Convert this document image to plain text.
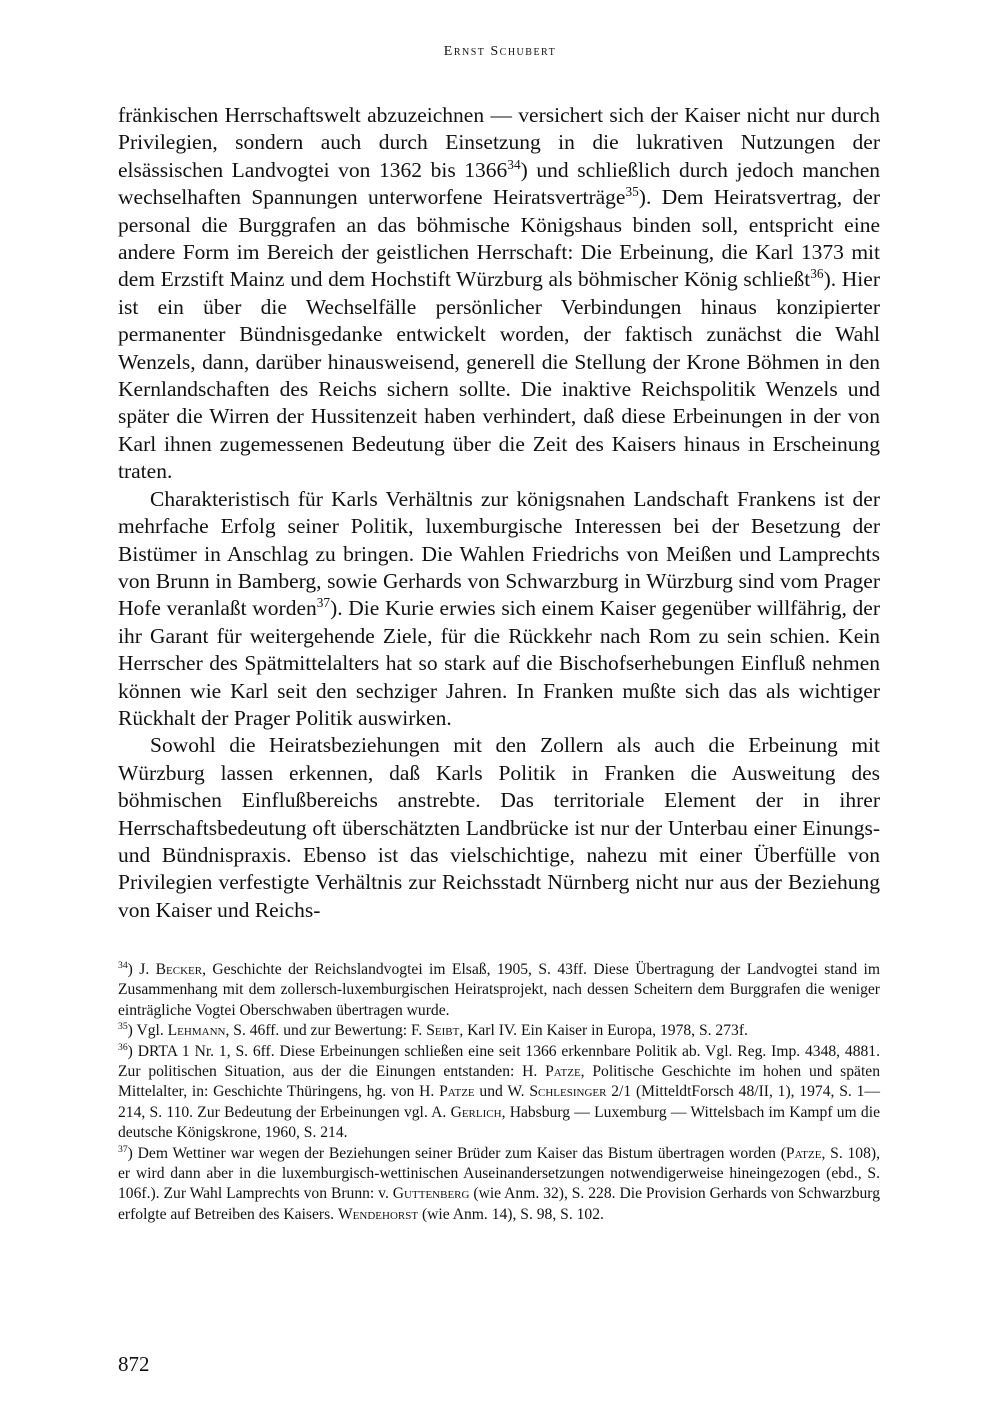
Ernst Schubert

fränkischen Herrschaftswelt abzuzeichnen — versichert sich der Kaiser nicht nur durch Privilegien, sondern auch durch Einsetzung in die lukrativen Nutzungen der elsässischen Landvogtei von 1362 bis 1366$^{34}$) und schließlich durch jedoch manchen wechselhaften Spannungen unterworfene Heiratsverträge$^{35}$). Dem Heiratsvertrag, der personal die Burggrafen an das böhmische Königshaus binden soll, entspricht eine andere Form im Bereich der geistlichen Herrschaft: Die Erbeinung, die Karl 1373 mit dem Erzstift Mainz und dem Hochstift Würzburg als böhmischer König schließt$^{36}$). Hier ist ein über die Wechselfälle persönlicher Verbindungen hinaus konzipierter permanenter Bündnisgedanke entwickelt worden, der faktisch zunächst die Wahl Wenzels, dann, darüber hinausweisend, generell die Stellung der Krone Böhmen in den Kernlandschaften des Reichs sichern sollte. Die inaktive Reichspolitik Wenzels und später die Wirren der Hussitenzeit haben verhindert, daß diese Erbeinungen in der von Karl ihnen zugemessenen Bedeutung über die Zeit des Kaisers hinaus in Erscheinung traten.

Charakteristisch für Karls Verhältnis zur königsnahen Landschaft Frankens ist der mehrfache Erfolg seiner Politik, luxemburgische Interessen bei der Besetzung der Bistümer in Anschlag zu bringen. Die Wahlen Friedrichs von Meißen und Lamprechts von Brunn in Bamberg, sowie Gerhards von Schwarzburg in Würzburg sind vom Prager Hofe veranlaßt worden$^{37}$). Die Kurie erwies sich einem Kaiser gegenüber willfährig, der ihr Garant für weitergehende Ziele, für die Rückkehr nach Rom zu sein schien. Kein Herrscher des Spätmittelalters hat so stark auf die Bischofserhebungen Einfluß nehmen können wie Karl seit den sechziger Jahren. In Franken mußte sich das als wichtiger Rückhalt der Prager Politik auswirken.

Sowohl die Heiratsbeziehungen mit den Zollern als auch die Erbeinung mit Würzburg lassen erkennen, daß Karls Politik in Franken die Ausweitung des böhmischen Einflußbereichs anstrebte. Das territoriale Element der in ihrer Herrschaftsbedeutung oft überschätzten Landbrücke ist nur der Unterbau einer Einungs- und Bündnispraxis. Ebenso ist das vielschichtige, nahezu mit einer Überfülle von Privilegien verfestigte Verhältnis zur Reichsstadt Nürnberg nicht nur aus der Beziehung von Kaiser und Reichs-

$^{34}$) J. Becker, Geschichte der Reichslandvogtei im Elsaß, 1905, S. 43ff. Diese Übertragung der Landvogtei stand im Zusammenhang mit dem zollersch-luxemburgischen Heiratsprojekt, nach dessen Scheitern dem Burggrafen die weniger einträgliche Vogtei Oberschwaben übertragen wurde.

$^{35}$) Vgl. Lehmann, S. 46ff. und zur Bewertung: F. Seibt, Karl IV. Ein Kaiser in Europa, 1978, S. 273f.

$^{36}$) DRTA 1 Nr. 1, S. 6ff. Diese Erbeinungen schließen eine seit 1366 erkennbare Politik ab. Vgl. Reg. Imp. 4348, 4881. Zur politischen Situation, aus der die Einungen entstanden: H. Patze, Politische Geschichte im hohen und späten Mittelalter, in: Geschichte Thüringens, hg. von H. Patze und W. Schlesinger 2/1 (MitteldtForsch 48/II, 1), 1974, S. 1—214, S. 110. Zur Bedeutung der Erbeinungen vgl. A. Gerlich, Habsburg — Luxemburg — Wittelsbach im Kampf um die deutsche Königskrone, 1960, S. 214.

$^{37}$) Dem Wettiner war wegen der Beziehungen seiner Brüder zum Kaiser das Bistum übertragen worden (Patze, S. 108), er wird dann aber in die luxemburgisch-wettinischen Auseinandersetzungen notwendigerweise hineingezogen (ebd., S. 106f.). Zur Wahl Lamprechts von Brunn: v. Guttenberg (wie Anm. 32), S. 228. Die Provision Gerhards von Schwarzburg erfolgte auf Betreiben des Kaisers. Wendehorst (wie Anm. 14), S. 98, S. 102.

872
